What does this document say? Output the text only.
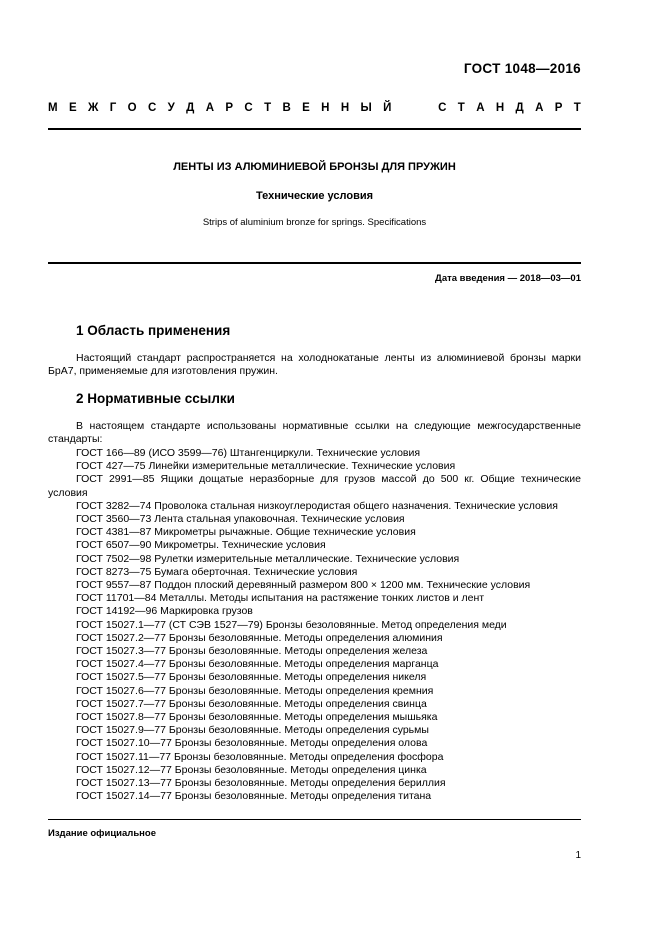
ГОСТ 1048—2016
М Е Ж Г О С У Д А Р С Т В Е Н Н Ы Й	С Т А Н Д А Р Т
ЛЕНТЫ ИЗ АЛЮМИНИЕВОЙ БРОНЗЫ ДЛЯ ПРУЖИН
Технические условия
Strips of aluminium bronze for springs. Specifications
Дата введения — 2018—03—01
1 Область применения
Настоящий стандарт распространяется на холоднокатаные ленты из алюминиевой бронзы марки БрА7, применяемые для изготовления пружин.
2 Нормативные ссылки
В настоящем стандарте использованы нормативные ссылки на следующие межгосударственные стандарты:
ГОСТ 166—89 (ИСО 3599—76) Штангенциркули. Технические условия
ГОСТ 427—75 Линейки измерительные металлические. Технические условия
ГОСТ 2991—85 Ящики дощатые неразборные для грузов массой до 500 кг. Общие технические условия
ГОСТ 3282—74 Проволока стальная низкоуглеродистая общего назначения. Технические условия
ГОСТ 3560—73 Лента стальная упаковочная. Технические условия
ГОСТ 4381—87 Микрометры рычажные. Общие технические условия
ГОСТ 6507—90 Микрометры. Технические условия
ГОСТ 7502—98 Рулетки измерительные металлические. Технические условия
ГОСТ 8273—75 Бумага оберточная. Технические условия
ГОСТ 9557—87 Поддон плоский деревянный размером 800 × 1200 мм. Технические условия
ГОСТ 11701—84 Металлы. Методы испытания на растяжение тонких листов и лент
ГОСТ 14192—96 Маркировка грузов
ГОСТ 15027.1—77 (СТ СЭВ 1527—79) Бронзы безоловянные. Метод определения меди
ГОСТ 15027.2—77 Бронзы безоловянные. Методы определения алюминия
ГОСТ 15027.3—77 Бронзы безоловянные. Методы определения железа
ГОСТ 15027.4—77 Бронзы безоловянные. Методы определения марганца
ГОСТ 15027.5—77 Бронзы безоловянные. Методы определения никеля
ГОСТ 15027.6—77 Бронзы безоловянные. Методы определения кремния
ГОСТ 15027.7—77 Бронзы безоловянные. Методы определения свинца
ГОСТ 15027.8—77 Бронзы безоловянные. Методы определения мышьяка
ГОСТ 15027.9—77 Бронзы безоловянные. Методы определения сурьмы
ГОСТ 15027.10—77 Бронзы безоловянные. Методы определения олова
ГОСТ 15027.11—77 Бронзы безоловянные. Методы определения фосфора
ГОСТ 15027.12—77 Бронзы безоловянные. Методы определения цинка
ГОСТ 15027.13—77 Бронзы безоловянные. Методы определения бериллия
ГОСТ 15027.14—77 Бронзы безоловянные. Методы определения титана
Издание официальное
1
